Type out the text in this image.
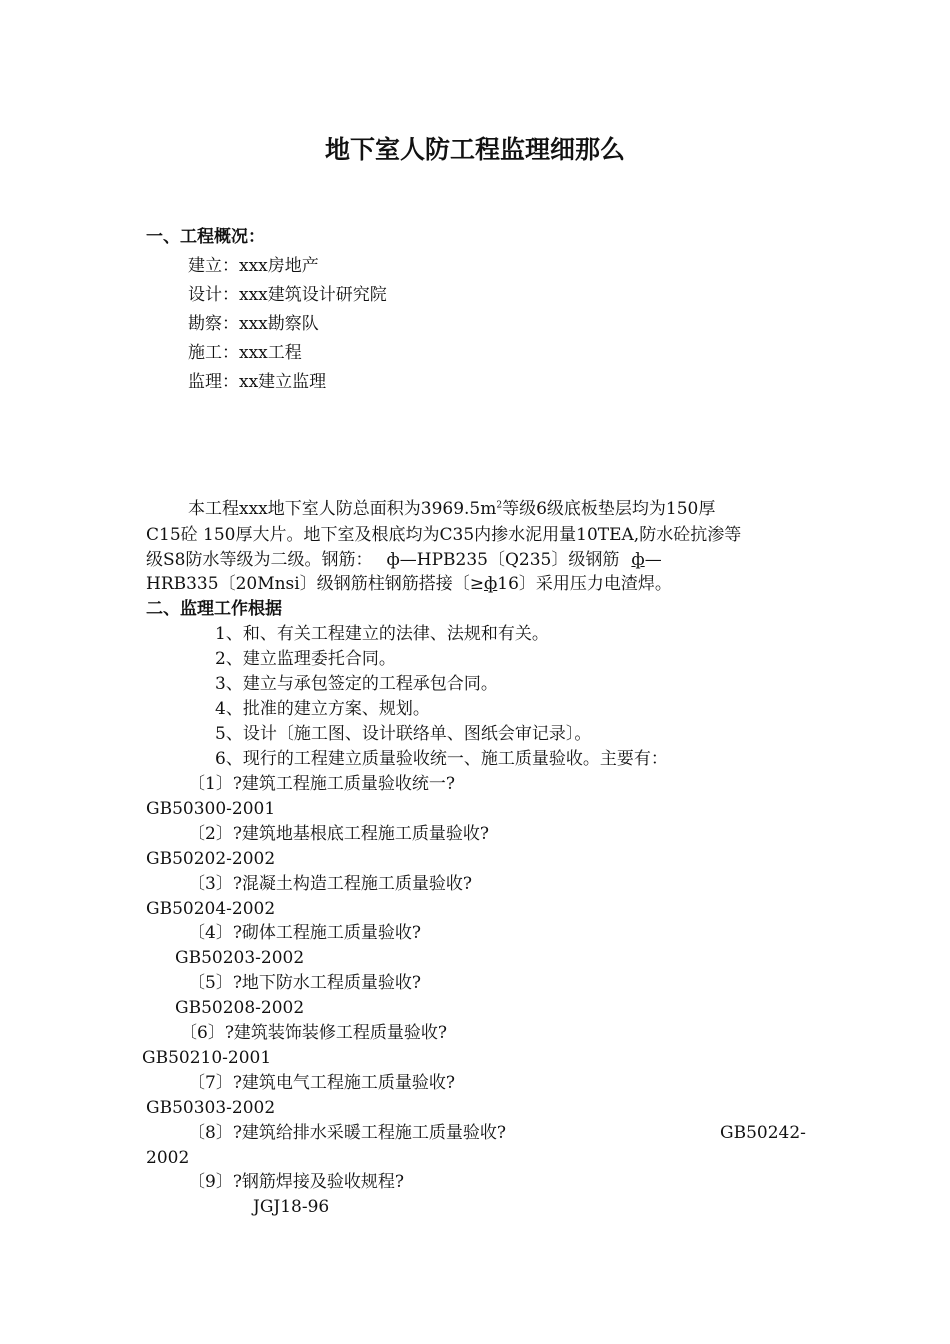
地下室人防工程监理细那么
一、工程概况：
建立：xxx房地产
设计：xxx建筑设计研究院
勘察：xxx勘察队
施工：xxx工程
监理：xx建立监理
本工程xxx地下室人防总面积为$3969.5m^2$等级6级底板垫层均为150厚
C15砼 150厚大片。地下室及根底均为C35内掺水泥用量10TEA,防水砼抗渗等
级S8防水等级为二级。钢筋： ф—HPB235〔Q235〕级钢筋 ф—
HRB335〔20Mnsi〕级钢筋柱钢筋搭接〔≥ф16〕采用压力电渣焊。
二、监理工作根据
1、和、有关工程建立的法律、法规和有关。
2、建立监理委托合同。
3、建立与承包签定的工程承包合同。
4、批准的建立方案、规划。
5、设计〔施工图、设计联络单、图纸会审记录〕。
6、现行的工程建立质量验收统一、施工质量验收。主要有：
〔1〕?建筑工程施工质量验收统一?
GB50300-2001
〔2〕?建筑地基根底工程施工质量验收?
GB50202-2002
〔3〕?混凝土构造工程施工质量验收?
GB50204-2002
〔4〕?砌体工程施工质量验收?
GB50203-2002
〔5〕?地下防水工程质量验收?
GB50208-2002
〔6〕?建筑装饰装修工程质量验收?
GB50210-2001
〔7〕?建筑电气工程施工质量验收?
GB50303-2002
〔8〕?建筑给排水采暖工程施工质量验收?	GB50242-
2002
〔9〕?钢筋焊接及验收规程?
JGJ18-96
